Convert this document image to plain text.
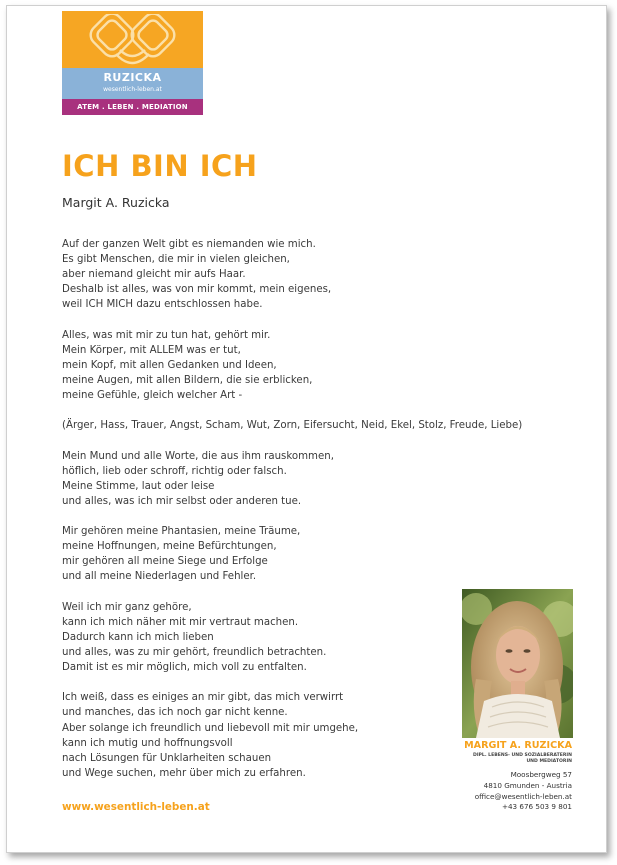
RUZICKA
wesentlich-leben.at
ATEM . LEBEN . MEDIATION
ICH BIN ICH
Margit A. Ruzicka
Auf der ganzen Welt gibt es niemanden wie mich.
Es gibt Menschen, die mir in vielen gleichen,
aber niemand gleicht mir aufs Haar.
Deshalb ist alles, was von mir kommt, mein eigenes,
weil ICH MICH dazu entschlossen habe.
Alles, was mit mir zu tun hat, gehört mir.
Mein Körper, mit ALLEM was er tut,
mein Kopf, mit allen Gedanken und Ideen,
meine Augen, mit allen Bildern, die sie erblicken,
meine Gefühle, gleich welcher Art -
(Ärger, Hass, Trauer, Angst, Scham, Wut, Zorn, Eifersucht, Neid, Ekel, Stolz, Freude, Liebe)
Mein Mund und alle Worte, die aus ihm rauskommen,
höflich, lieb oder schroff, richtig oder falsch.
Meine Stimme, laut oder leise
und alles, was ich mir selbst oder anderen tue.
Mir gehören meine Phantasien, meine Träume,
meine Hoffnungen, meine Befürchtungen,
mir gehören all meine Siege und Erfolge
und all meine Niederlagen und Fehler.
Weil ich mir ganz gehöre,
kann ich mich näher mit mir vertraut machen.
Dadurch kann ich mich lieben
und alles, was zu mir gehört, freundlich betrachten.
Damit ist es mir möglich, mich voll zu entfalten.
Ich weiß, dass es einiges an mir gibt, das mich verwirrt
und manches, das ich noch gar nicht kenne.
Aber solange ich freundlich und liebevoll mit mir umgehe,
kann ich mutig und hoffnungsvoll
nach Lösungen für Unklarheiten schauen
und Wege suchen, mehr über mich zu erfahren.
MARGIT A. RUZICKA
DIPL. LEBENS- UND SOZIALBERATERIN
UND MEDIATORIN
Moosbergweg 57
4810 Gmunden - Austria
office@wesentlich-leben.at
+43 676 503 9 801
www.wesentlich-leben.at
